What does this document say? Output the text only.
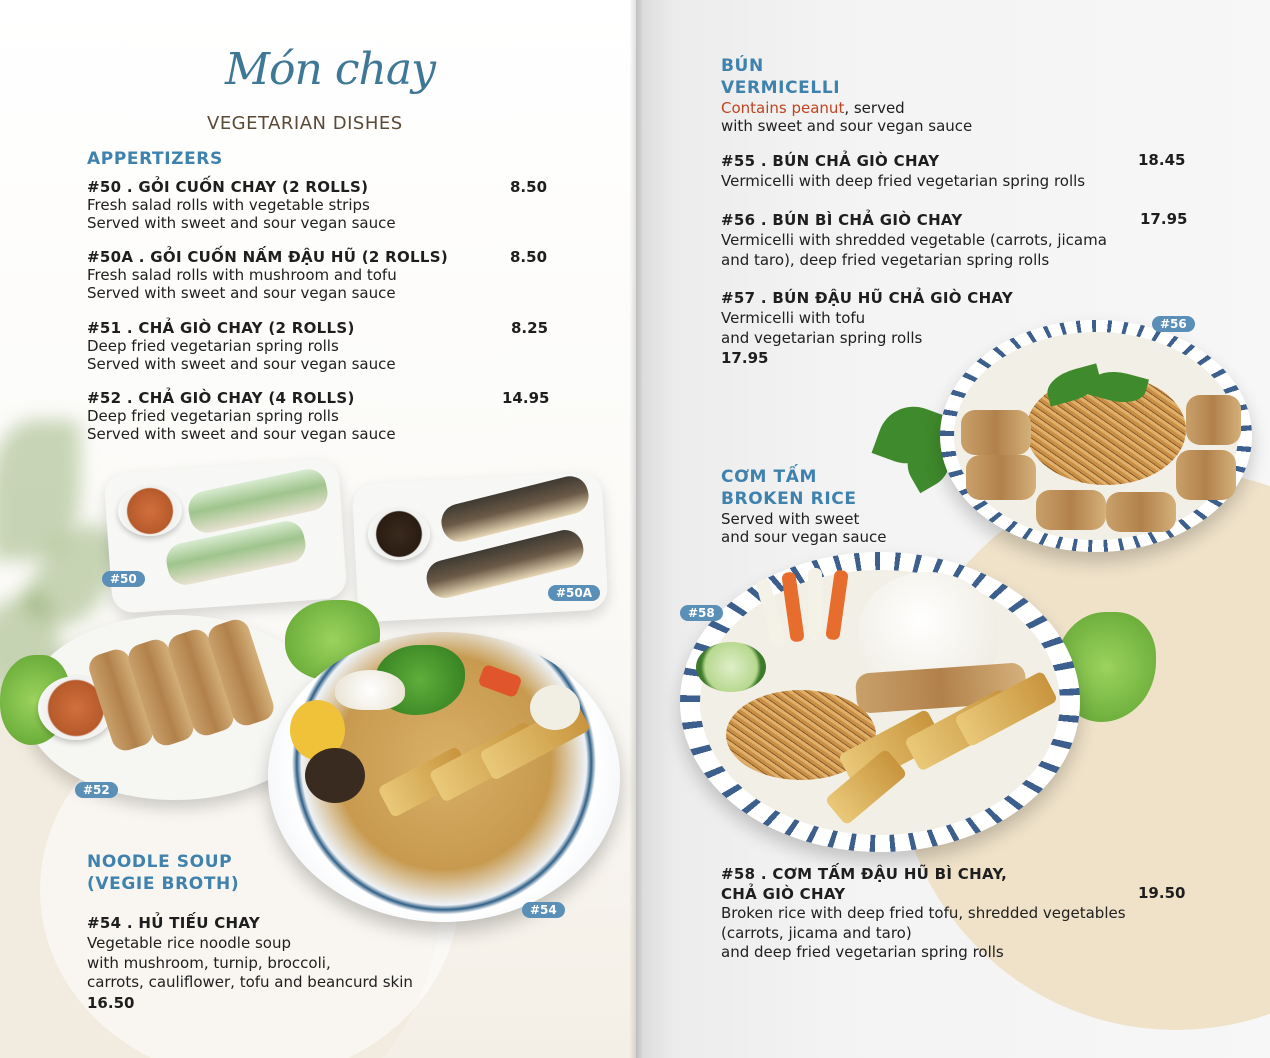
Món chay
VEGETARIAN DISHES
APPERTIZERS
#50 . GỎI CUỐN CHAY (2 ROLLS)
Fresh salad rolls with vegetable strips
Served with sweet and sour vegan sauce
8.50
#50A . GỎI CUỐN NẤM ĐẬU HŨ (2 ROLLS)
Fresh salad rolls with mushroom and tofu
Served with sweet and sour vegan sauce
8.50
#51 . CHẢ GIÒ CHAY (2 ROLLS)
Deep fried vegetarian spring rolls
Served with sweet and sour vegan sauce
8.25
#52 . CHẢ GIÒ CHAY (4 ROLLS)
Deep fried vegetarian spring rolls
Served with sweet and sour vegan sauce
14.95
#50
#50A
#52
#54
NOODLE SOUP
(VEGIE BROTH)
#54 . HỦ TIẾU CHAY
Vegetable rice noodle soup
with mushroom, turnip, broccoli,
carrots, cauliflower, tofu and beancurd skin
16.50
BÚN
VERMICELLI
Contains peanut, served
with sweet and sour vegan sauce
#55 . BÚN CHẢ GIÒ CHAY
Vermicelli with deep fried vegetarian spring rolls
18.45
#56 . BÚN BÌ CHẢ GIÒ CHAY
Vermicelli with shredded vegetable (carrots, jicama
and taro), deep fried vegetarian spring rolls
17.95
#57 . BÚN ĐẬU HŨ CHẢ GIÒ CHAY
Vermicelli with tofu
and vegetarian spring rolls
17.95
#56
CƠM TẤM
BROKEN RICE
Served with sweet
and sour vegan sauce
#58
#58 . CƠM TẤM ĐẬU HŨ BÌ CHAY,
CHẢ GIÒ CHAY
Broken rice with deep fried tofu, shredded vegetables
(carrots, jicama and taro)
and deep fried vegetarian spring rolls
19.50
